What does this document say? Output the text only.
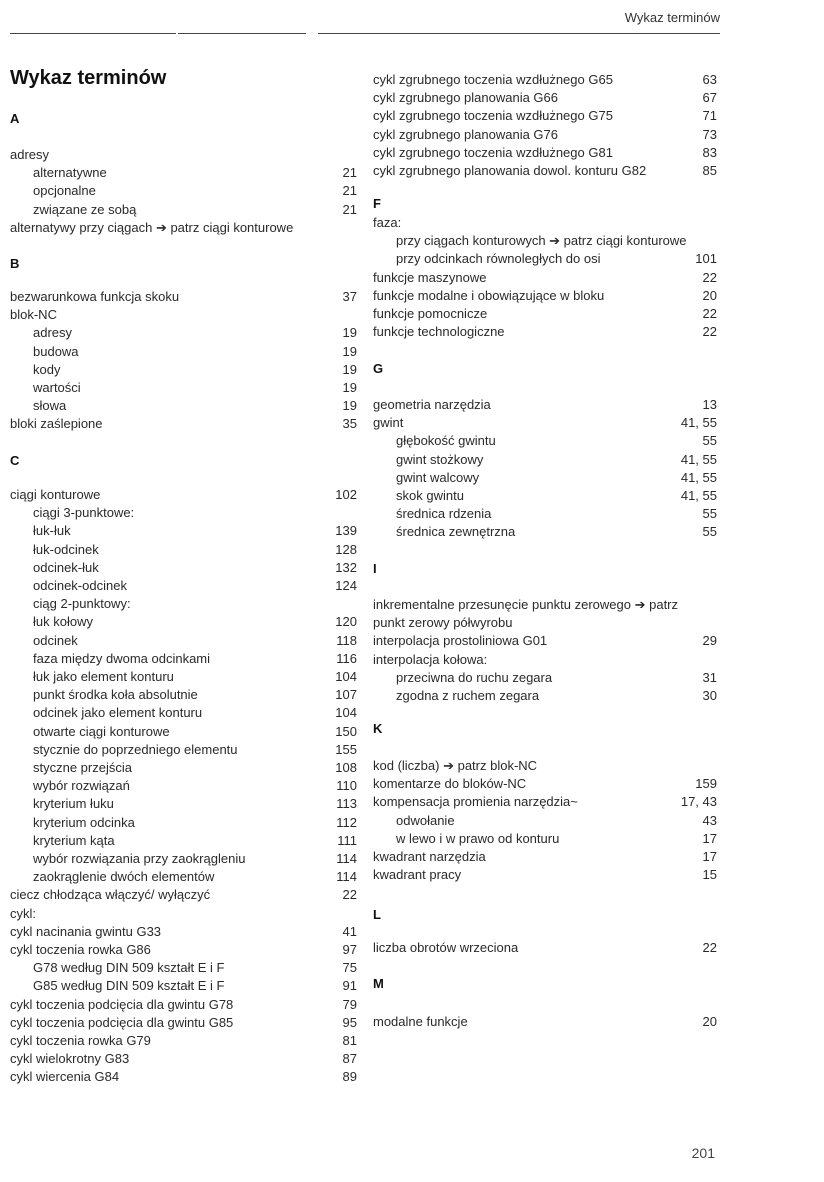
Wykaz terminów
Wykaz terminów
A
adresy
alternatywne	21
opcjonalne	21
związane ze sobą	21
alternatywy przy ciągach ➔ patrz ciągi konturowe
B
bezwarunkowa funkcja skoku	37
blok-NC
adresy	19
budowa	19
kody	19
wartości	19
słowa	19
bloki zaślepione	35
C
ciągi konturowe	102
ciągi 3-punktowe:
łuk-łuk	139
łuk-odcinek	128
odcinek-łuk	132
odcinek-odcinek	124
ciąg 2-punktowy:
łuk kołowy	120
odcinek	118
faza między dwoma odcinkami	116
łuk jako element konturu	104
punkt środka koła absolutnie	107
odcinek jako element konturu	104
otwarte ciągi konturowe	150
stycznie do poprzedniego elementu	155
styczne przejścia	108
wybór rozwiązań	110
kryterium łuku	113
kryterium odcinka	112
kryterium kąta	111
wybór rozwiązania przy zaokrągleniu	114
zaokrąglenie dwóch elementów	114
ciecz chłodząca włączyć/ wyłączyć	22
cykl:
cykl nacinania gwintu G33	41
cykl toczenia rowka G86	97
G78 według DIN 509 kształt E i F	75
G85 według DIN 509 kształt E i F	91
cykl toczenia podcięcia dla gwintu G78	79
cykl toczenia podcięcia dla gwintu G85	95
cykl toczenia rowka G79	81
cykl wielokrotny G83	87
cykl wiercenia G84	89
cykl zgrubnego toczenia wzdłużnego G65	63
cykl zgrubnego planowania G66	67
cykl zgrubnego toczenia wzdłużnego G75	71
cykl zgrubnego planowania G76	73
cykl zgrubnego toczenia wzdłużnego G81	83
cykl zgrubnego planowania dowol. konturu G82	85
F
faza:
przy ciągach konturowych ➔ patrz ciągi konturowe
przy odcinkach równoległych do osi	101
funkcje maszynowe	22
funkcje modalne i obowiązujące w bloku	20
funkcje pomocnicze	22
funkcje technologiczne	22
G
geometria narzędzia	13
gwint	41, 55
głębokość gwintu	55
gwint stożkowy	41, 55
gwint walcowy	41, 55
skok gwintu	41, 55
średnica rdzenia	55
średnica zewnętrzna	55
I
inkrementalne przesunęcie punktu zerowego ➔ patrz
punkt zerowy półwyrobu
interpolacja prostoliniowa G01	29
interpolacja kołowa:
przeciwna do ruchu zegara	31
zgodna z ruchem zegara	30
K
kod (liczba) ➔ patrz blok-NC
komentarze do bloków-NC	159
kompensacja promienia narzędzia~	17, 43
odwołanie	43
w lewo i w prawo od konturu	17
kwadrant narzędzia	17
kwadrant pracy	15
L
liczba obrotów wrzeciona	22
M
modalne funkcje	20
201
